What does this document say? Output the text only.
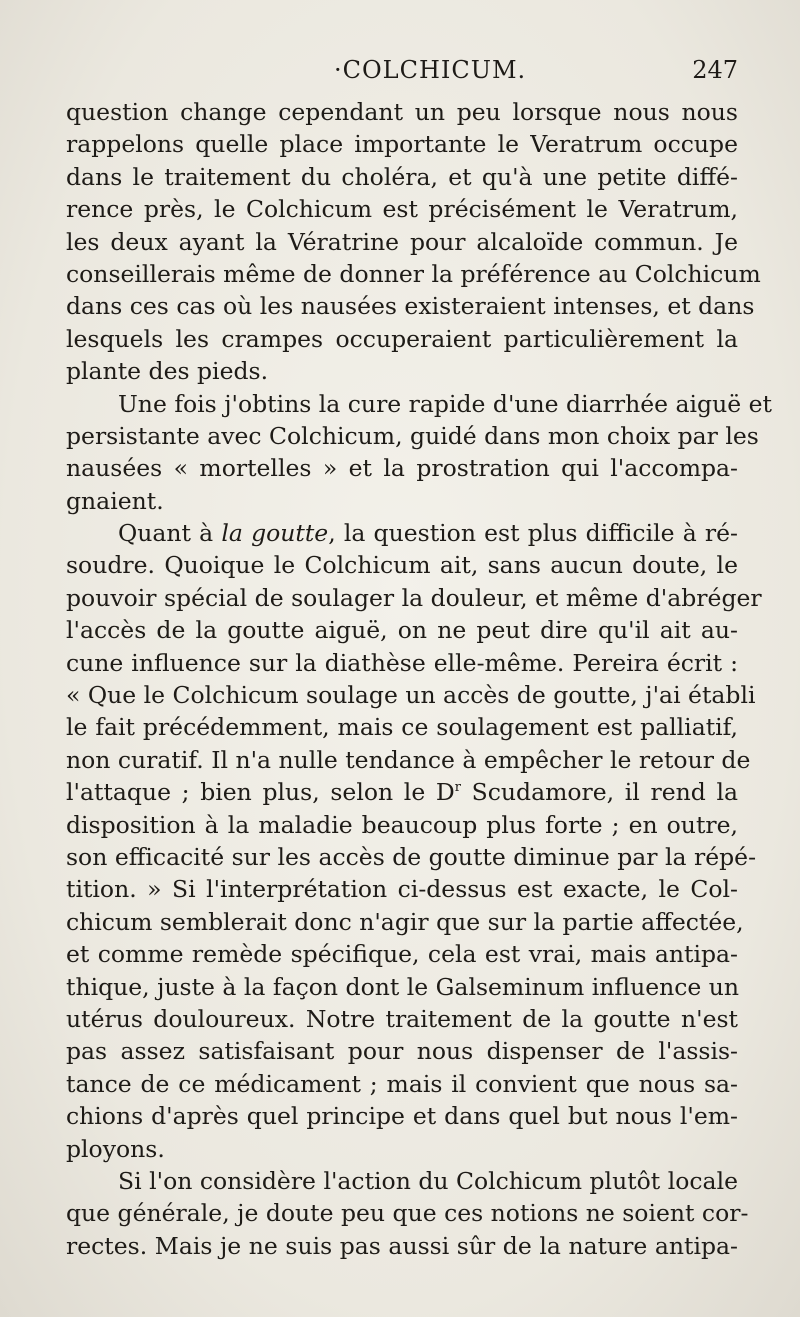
·COLCHICUM.	247
question change cependant un peu lorsque nous nous
rappelons quelle place importante le Veratrum occupe
dans le traitement du choléra, et qu'à une petite diffé-
rence près, le Colchicum est précisément le Veratrum,
les deux ayant la Vératrine pour alcaloïde commun. Je
conseillerais même de donner la préférence au Colchicum
dans ces cas où les nausées existeraient intenses, et dans
lesquels les crampes occuperaient particulièrement la
plante des pieds.
Une fois j'obtins la cure rapide d'une diarrhée aiguë et
persistante avec Colchicum, guidé dans mon choix par les
nausées « mortelles » et la prostration qui l'accompa-
gnaient.
Quant à la goutte, la question est plus difficile à ré-
soudre. Quoique le Colchicum ait, sans aucun doute, le
pouvoir spécial de soulager la douleur, et même d'abréger
l'accès de la goutte aiguë, on ne peut dire qu'il ait au-
cune influence sur la diathèse elle-même. Pereira écrit :
« Que le Colchicum soulage un accès de goutte, j'ai établi
le fait précédemment, mais ce soulagement est palliatif,
non curatif. Il n'a nulle tendance à empêcher le retour de
l'attaque ; bien plus, selon le $D^r$ Scudamore, il rend la
disposition à la maladie beaucoup plus forte ; en outre,
son efficacité sur les accès de goutte diminue par la répé-
tition. » Si l'interprétation ci-dessus est exacte, le Col-
chicum semblerait donc n'agir que sur la partie affectée,
et comme remède spécifique, cela est vrai, mais antipa-
thique, juste à la façon dont le Galseminum influence un
utérus douloureux. Notre traitement de la goutte n'est
pas assez satisfaisant pour nous dispenser de l'assis-
tance de ce médicament ; mais il convient que nous sa-
chions d'après quel principe et dans quel but nous l'em-
ployons.
Si l'on considère l'action du Colchicum plutôt locale
que générale, je doute peu que ces notions ne soient cor-
rectes. Mais je ne suis pas aussi sûr de la nature antipa-
